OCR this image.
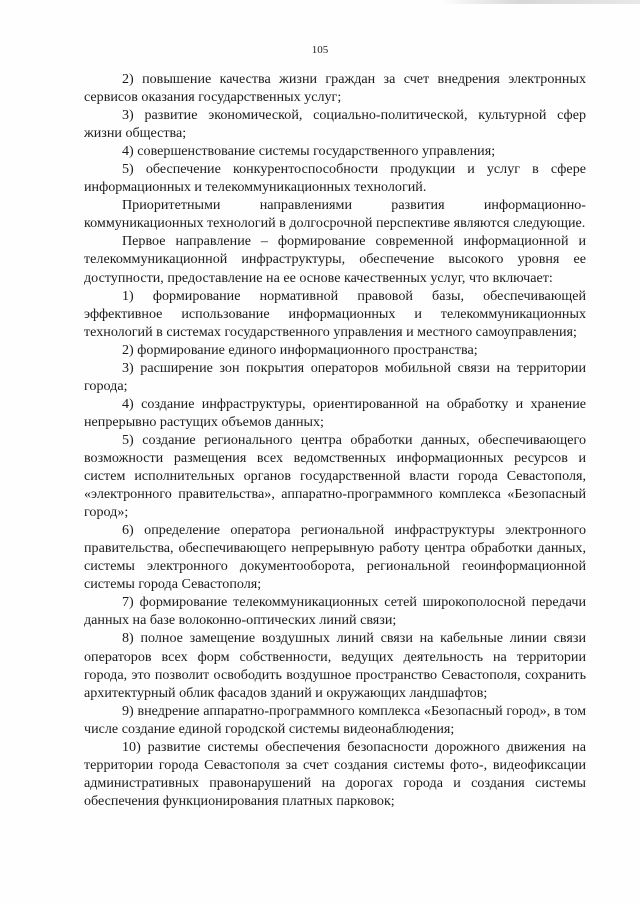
105

2) повышение качества жизни граждан за счет внедрения электронных сервисов оказания государственных услуг;

3) развитие экономической, социально-политической, культурной сфер жизни общества;

4) совершенствование системы государственного управления;

5) обеспечение конкурентоспособности продукции и услуг в сфере информационных и телекоммуникационных технологий.

Приоритетными направлениями развития информационно-коммуникационных технологий в долгосрочной перспективе являются следующие.

Первое направление – формирование современной информационной и телекоммуникационной инфраструктуры, обеспечение высокого уровня ее доступности, предоставление на ее основе качественных услуг, что включает:

1) формирование нормативной правовой базы, обеспечивающей эффективное использование информационных и телекоммуникационных технологий в системах государственного управления и местного самоуправления;

2) формирование единого информационного пространства;

3) расширение зон покрытия операторов мобильной связи на территории города;

4) создание инфраструктуры, ориентированной на обработку и хранение непрерывно растущих объемов данных;

5) создание регионального центра обработки данных, обеспечивающего возможности размещения всех ведомственных информационных ресурсов и систем исполнительных органов государственной власти города Севастополя, «электронного правительства», аппаратно-программного комплекса «Безопасный город»;

6) определение оператора региональной инфраструктуры электронного правительства, обеспечивающего непрерывную работу центра обработки данных, системы электронного документооборота, региональной геоинформационной системы города Севастополя;

7) формирование телекоммуникационных сетей широкополосной передачи данных на базе волоконно-оптических линий связи;

8) полное замещение воздушных линий связи на кабельные линии связи операторов всех форм собственности, ведущих деятельность на территории города, это позволит освободить воздушное пространство Севастополя, сохранить архитектурный облик фасадов зданий и окружающих ландшафтов;

9) внедрение аппаратно-программного комплекса «Безопасный город», в том числе создание единой городской системы видеонаблюдения;

10) развитие системы обеспечения безопасности дорожного движения на территории города Севастополя за счет создания системы фото-, видеофиксации административных правонарушений на дорогах города и создания системы обеспечения функционирования платных парковок;
